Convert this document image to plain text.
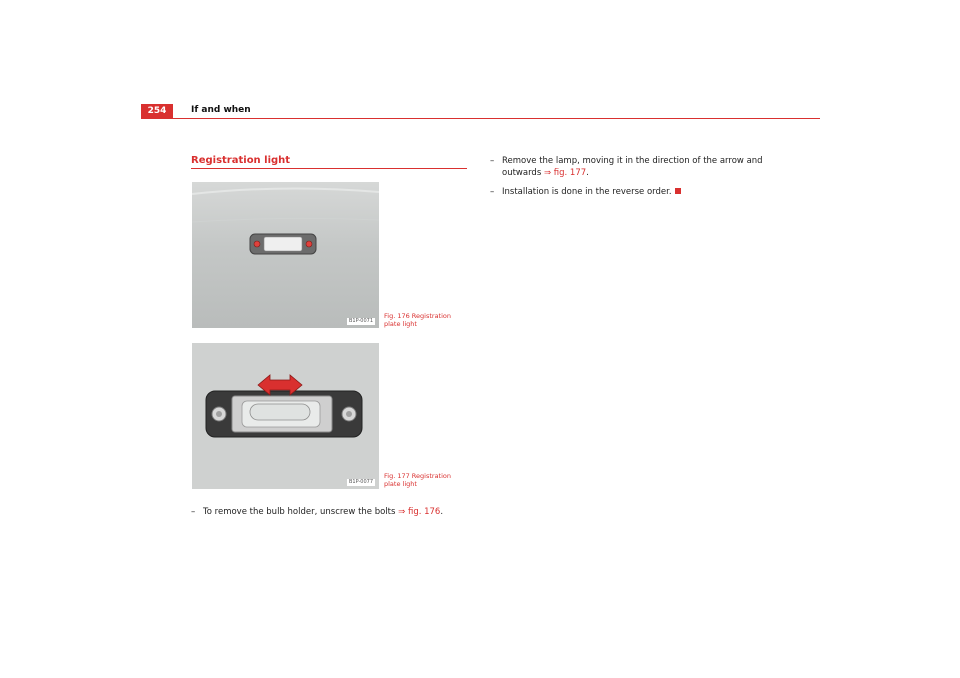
254	If and when
Registration light
B1P-0071
Fig. 176 Registration
plate light
B1P-0077
Fig. 177 Registration
plate light
– To remove the bulb holder, unscrew the bolts ⇒ fig. 176.
– Remove the lamp, moving it in the direction of the arrow and
outwards ⇒ fig. 177.
– Installation is done in the reverse order.
